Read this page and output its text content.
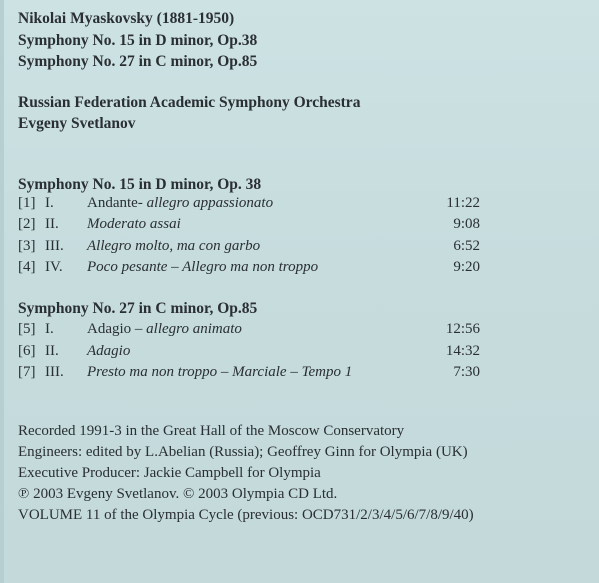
Nikolai Myaskovsky (1881-1950)
Symphony No. 15 in D minor, Op.38
Symphony No. 27 in C minor, Op.85
Russian Federation Academic Symphony Orchestra
Evgeny Svetlanov
Symphony No. 15 in D minor, Op. 38
[1] I. Andante- allegro appassionato	11:22
[2] II. Moderato assai	9:08
[3] III. Allegro molto, ma con garbo	6:52
[4] IV. Poco pesante – Allegro ma non troppo	9:20
Symphony No. 27 in C minor, Op.85
[5] I. Adagio – allegro animato	12:56
[6] II. Adagio	14:32
[7] III. Presto ma non troppo – Marciale – Tempo 1	7:30
Recorded 1991-3 in the Great Hall of the Moscow Conservatory
Engineers: edited by L.Abelian (Russia); Geoffrey Ginn for Olympia (UK)
Executive Producer: Jackie Campbell for Olympia
℗ 2003 Evgeny Svetlanov. © 2003 Olympia CD Ltd.
VOLUME 11 of the Olympia Cycle (previous: OCD731/2/3/4/5/6/7/8/9/40)
